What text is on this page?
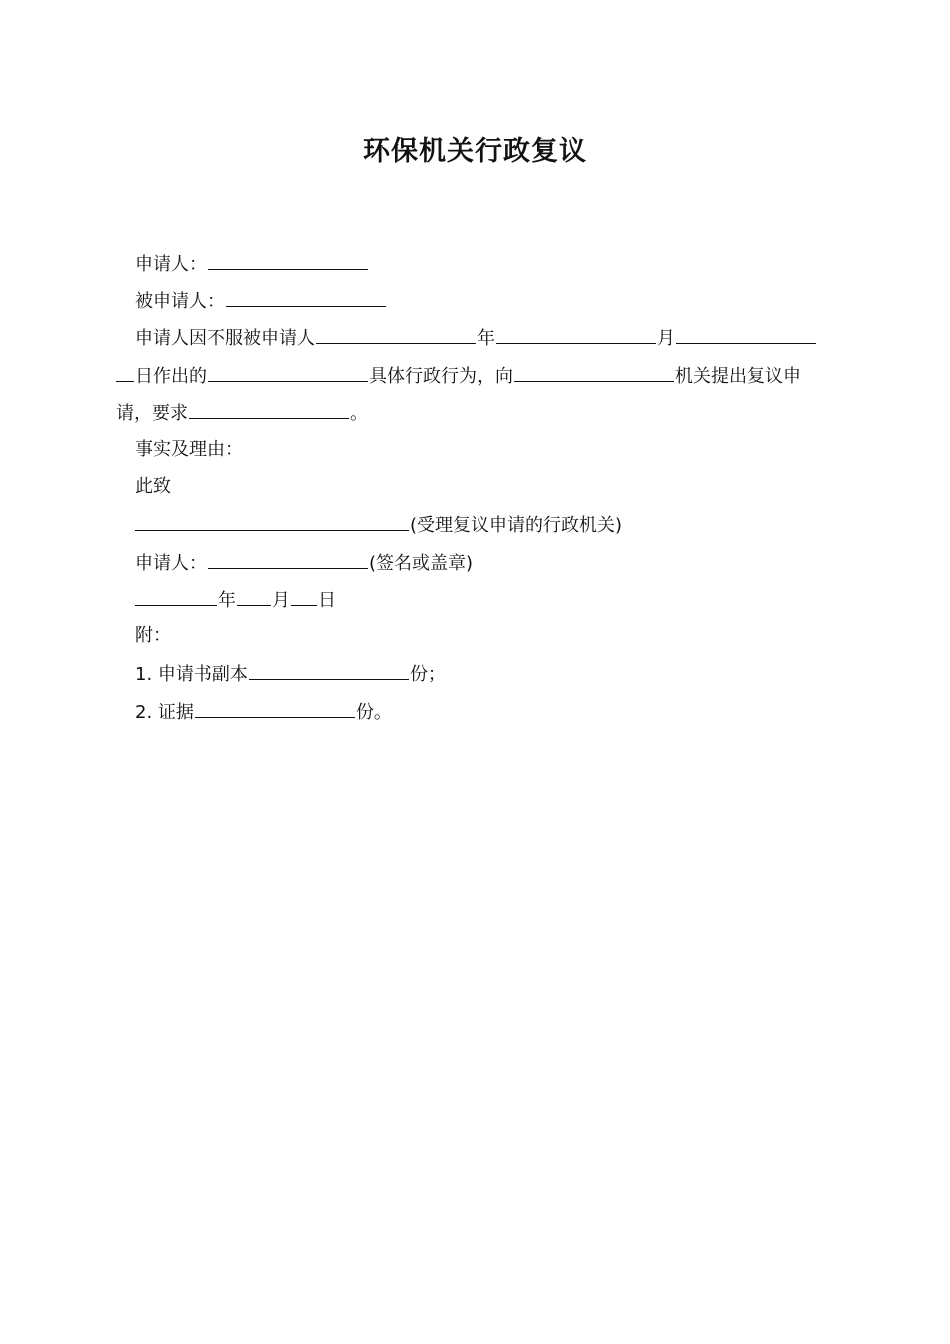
环保机关行政复议
申请人：
被申请人：
申请人因不服被申请人	年	月
日作出的	具体行政行为，向	机关提出复议申
请，要求	。
事实及理由：
此致
(受理复议申请的行政机关)
申请人：	(签名或盖章)
年 月 日
附：
1. 申请书副本	份；
2. 证据	份。
